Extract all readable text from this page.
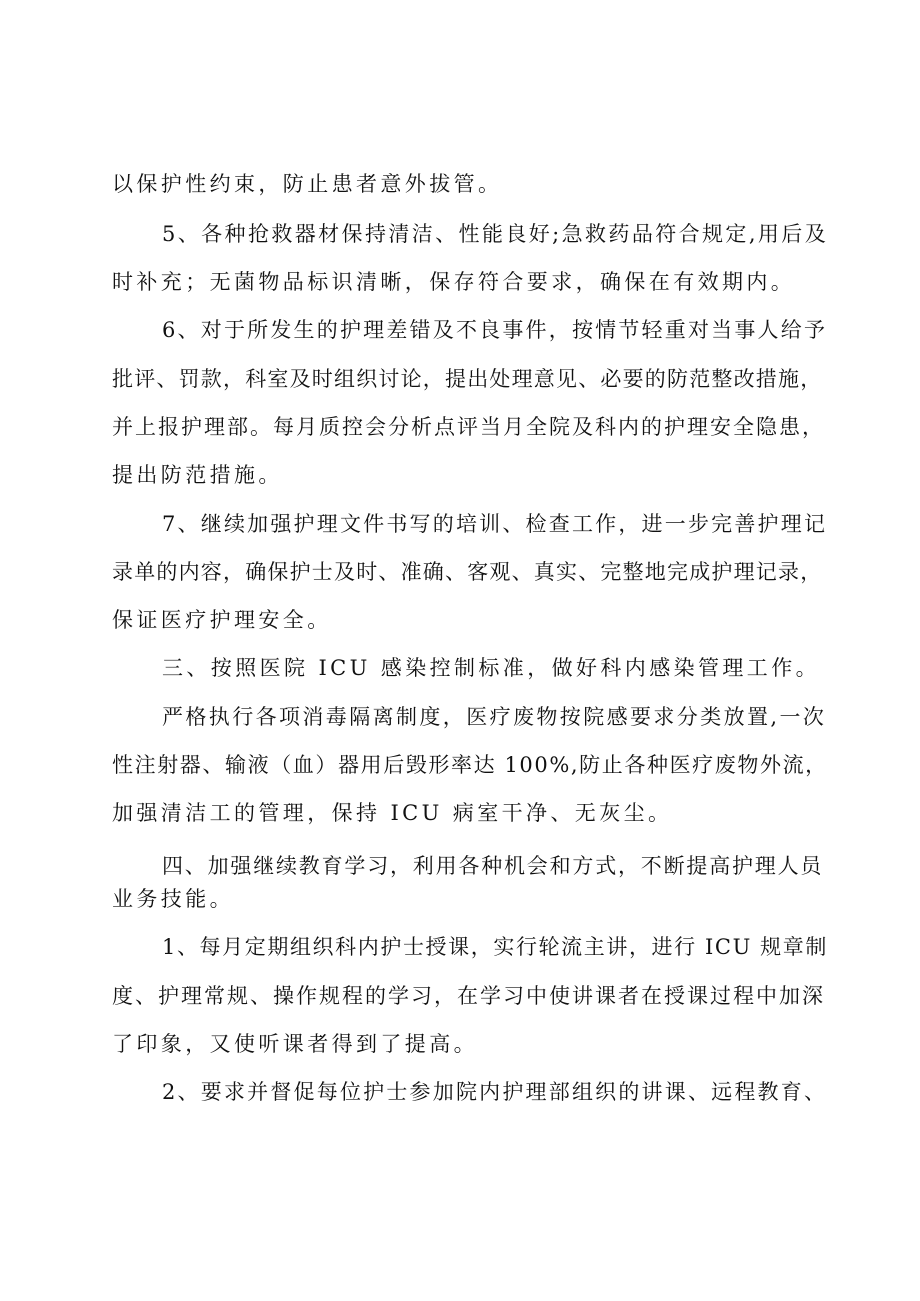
以保护性约束，防止患者意外拔管。
5、各种抢救器材保持清洁、性能良好;急救药品符合规定,用后及
时补充；无菌物品标识清晰，保存符合要求，确保在有效期内。
6、对于所发生的护理差错及不良事件，按情节轻重对当事人给予
批评、罚款，科室及时组织讨论，提出处理意见、必要的防范整改措施，
并上报护理部。每月质控会分析点评当月全院及科内的护理安全隐患，
提出防范措施。
7、继续加强护理文件书写的培训、检查工作，进一步完善护理记
录单的内容，确保护士及时、准确、客观、真实、完整地完成护理记录，
保证医疗护理安全。
三、按照医院 ICU 感染控制标准，做好科内感染管理工作。
严格执行各项消毒隔离制度，医疗废物按院感要求分类放置,一次
性注射器、输液（血）器用后毁形率达 100%,防止各种医疗废物外流，
加强清洁工的管理，保持 ICU 病室干净、无灰尘。
四、加强继续教育学习，利用各种机会和方式，不断提高护理人员
业务技能。
1、每月定期组织科内护士授课，实行轮流主讲，进行 ICU 规章制
度、护理常规、操作规程的学习，在学习中使讲课者在授课过程中加深
了印象，又使听课者得到了提高。
2、要求并督促每位护士参加院内护理部组织的讲课、远程教育、
